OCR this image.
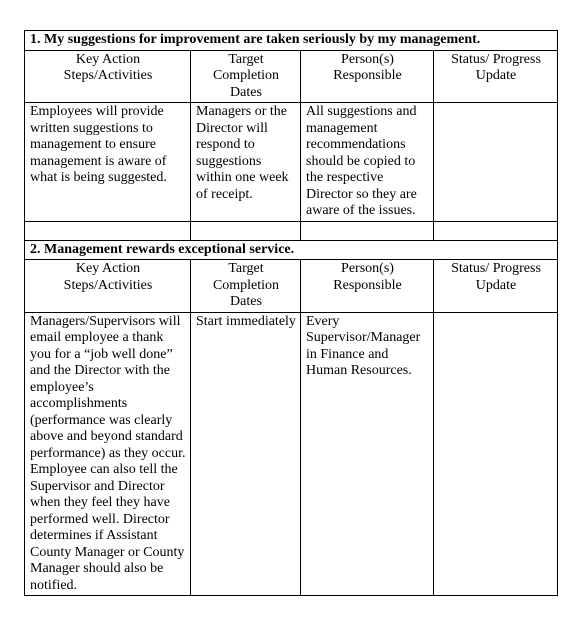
1. My suggestions for improvement are taken seriously by my management.			
Key Action Steps/Activities	Target Completion Dates	Person(s) Responsible	Status/ Progress Update
Employees will provide written suggestions to management to ensure management is aware of what is being suggested.	Managers or the Director will respond to suggestions within one week of receipt.	All suggestions and management recommendations should be copied to the respective Director so they are aware of the issues.	

2. Management rewards exceptional service.			
Key Action Steps/Activities	Target Completion Dates	Person(s) Responsible	Status/ Progress Update
Managers/Supervisors will email employee a thank you for a “job well done” and the Director with the employee’s accomplishments (performance was clearly above and beyond standard performance) as they occur. Employee can also tell the Supervisor and Director when they feel they have performed well. Director determines if Assistant County Manager or County Manager should also be notified.	Start immediately	Every Supervisor/Manager in Finance and Human Resources.	
